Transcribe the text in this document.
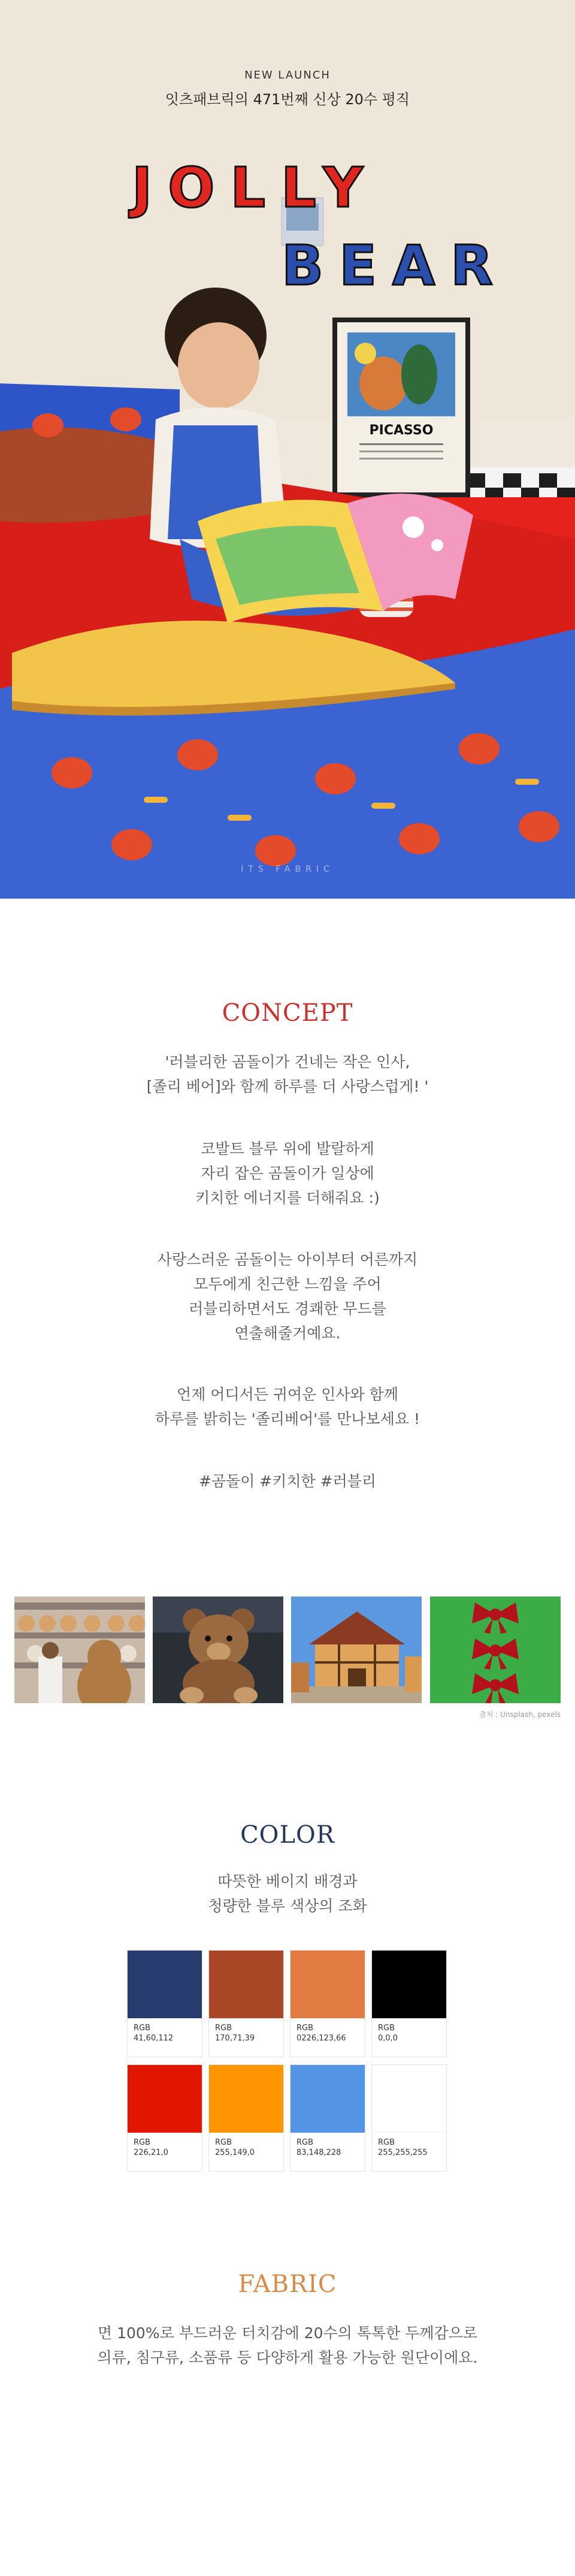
PICASSO
JOLLY
BEAR
ITS FABRIC
NEW LAUNCH
잇츠패브릭의 471번째 신상 20수 평직
CONCEPT
'러블리한 곰돌이가 건네는 작은 인사,
[졸리 베어]와 함께 하루를 더 사랑스럽게! '
코발트 블루 위에 발랄하게
자리 잡은 곰돌이가 일상에
키치한 에너지를 더해줘요 :)
사랑스러운 곰돌이는 아이부터 어른까지
모두에게 친근한 느낌을 주어
러블리하면서도 경쾌한 무드를
연출해줄거예요.
언제 어디서든 귀여운 인사와 함께
하루를 밝히는 '졸리베어'를 만나보세요 !
#곰돌이 #키치한 #러블리
출처 : Unsplash, pexels
COLOR
따뜻한 베이지 배경과
청량한 블루 색상의 조화
RGB
41,60,112
RGB
170,71,39
RGB
0226,123,66
RGB
0,0,0
RGB
226,21,0
RGB
255,149,0
RGB
83,148,228
RGB
255,255,255
FABRIC
면 100%로 부드러운 터치감에 20수의 톡톡한 두께감으로
의류, 침구류, 소품류 등 다양하게 활용 가능한 원단이에요.
